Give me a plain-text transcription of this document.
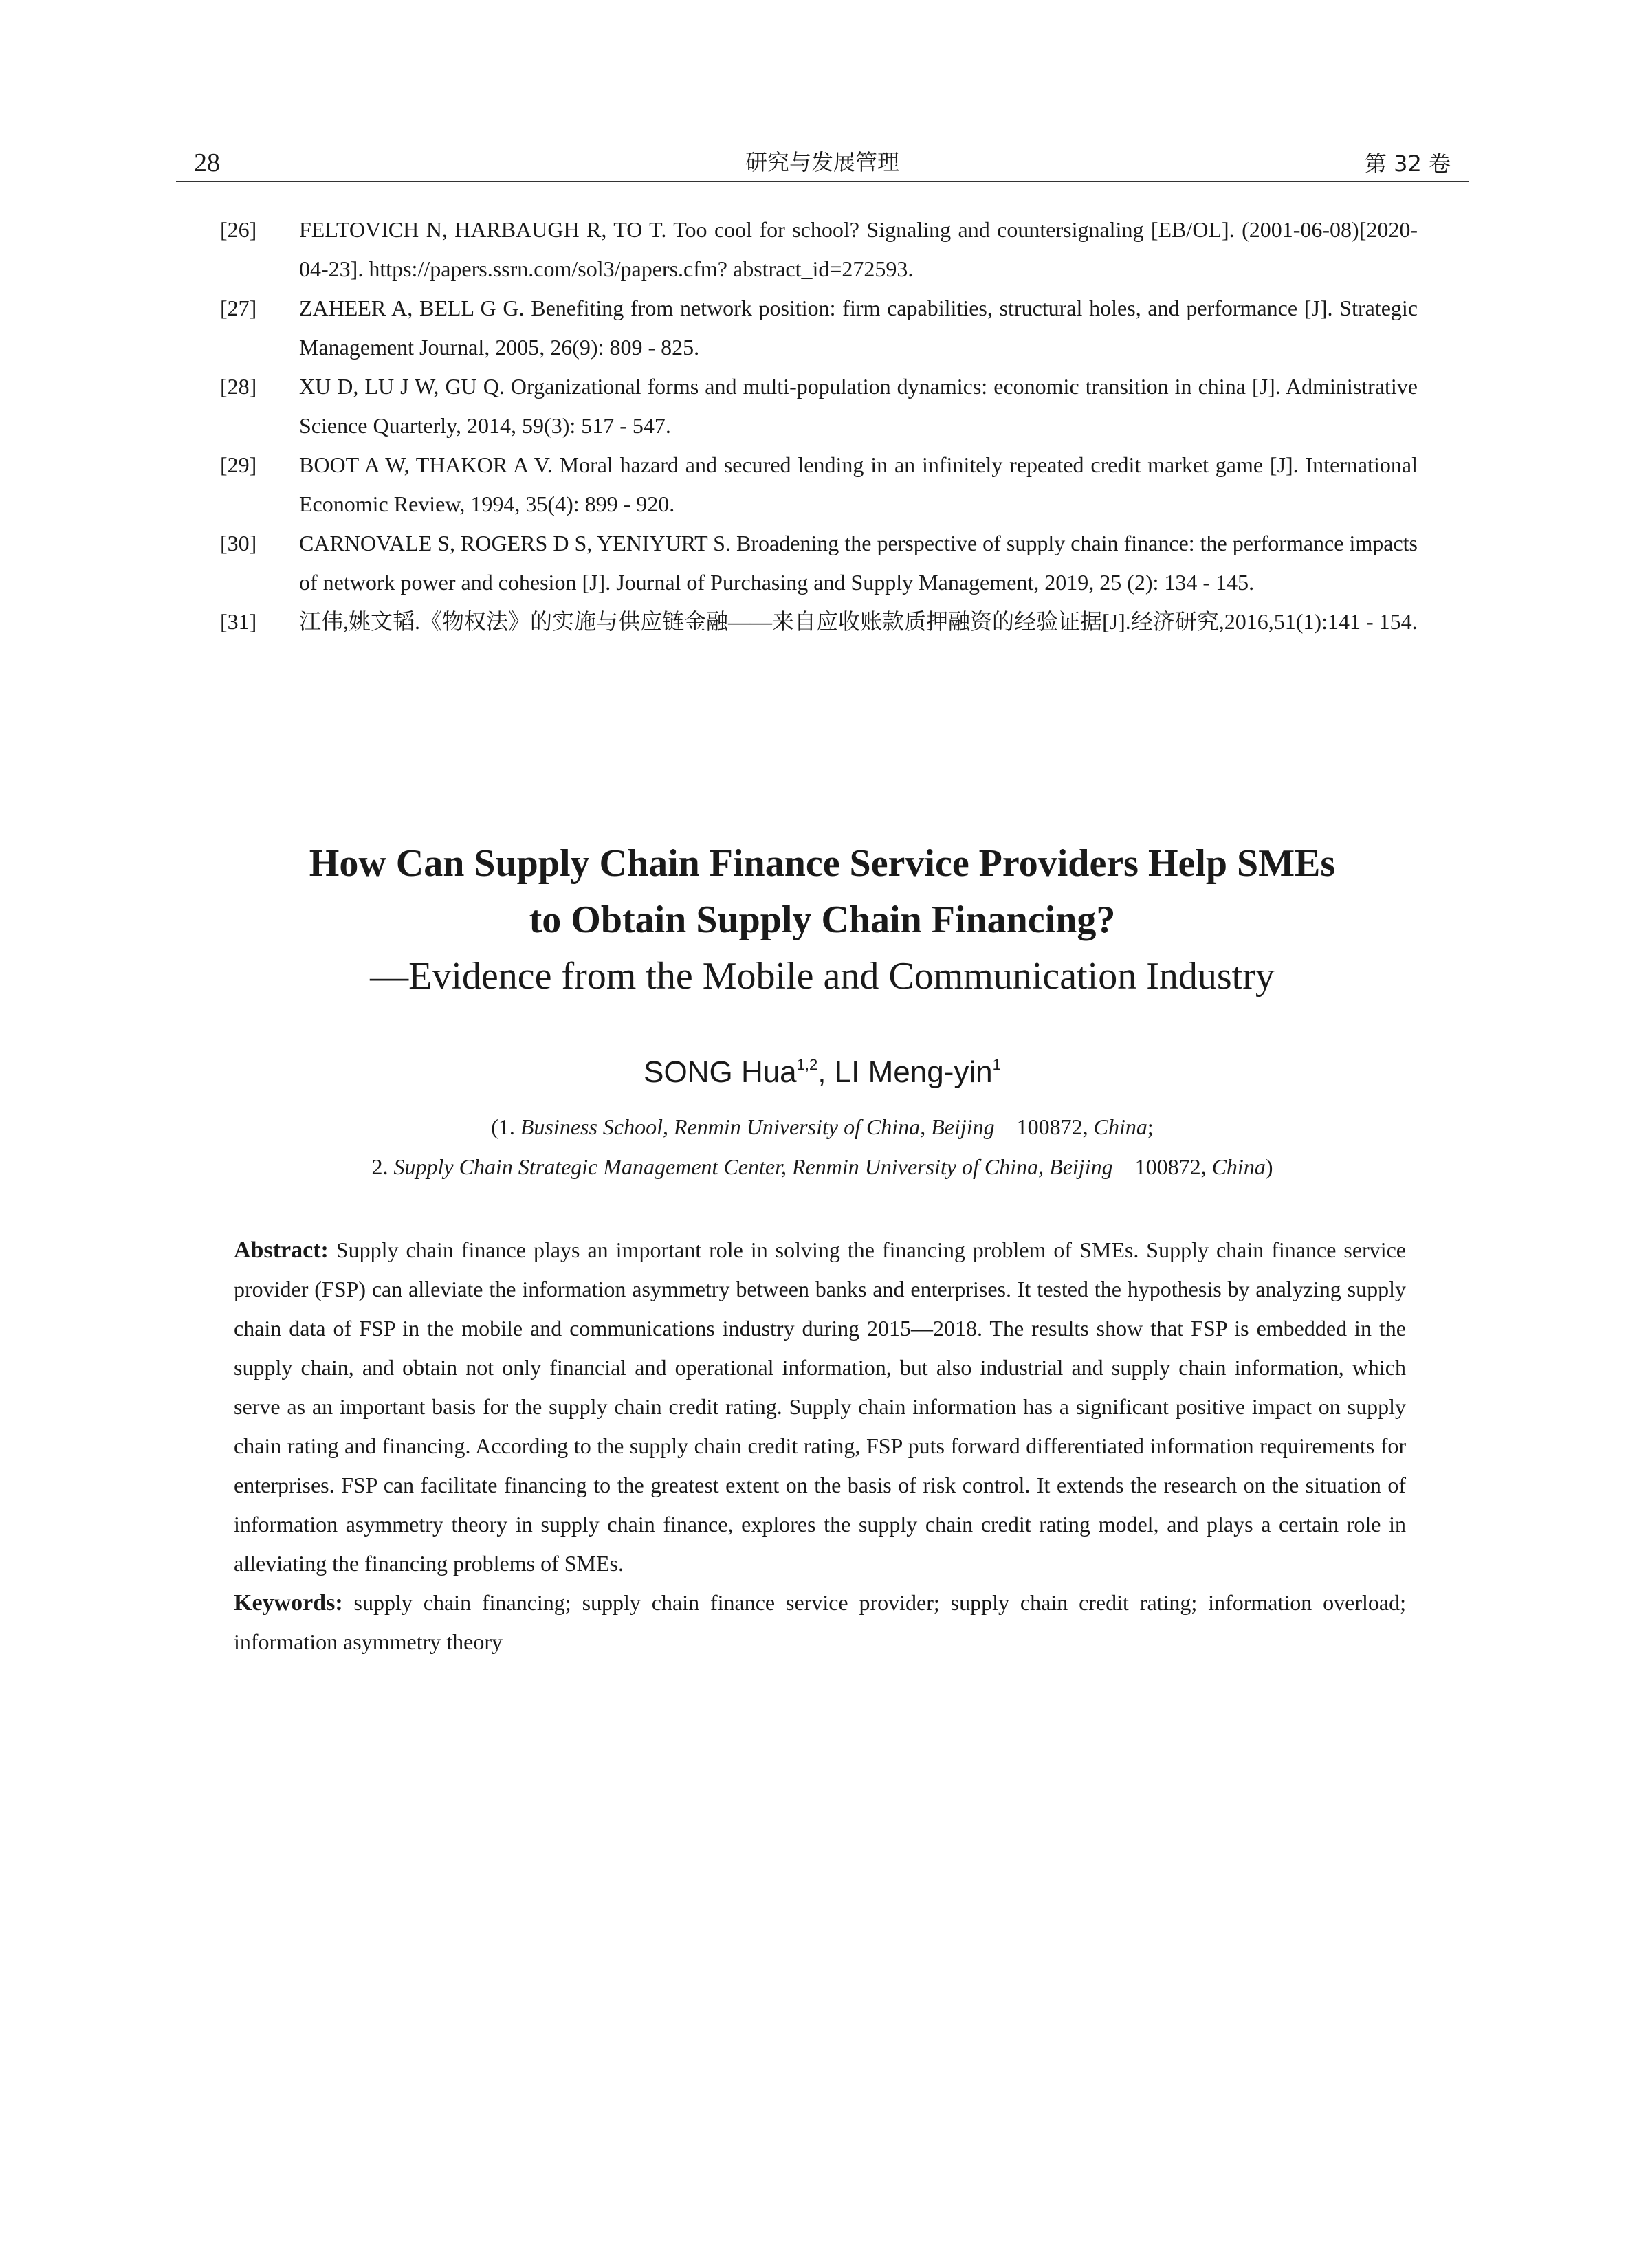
28	研究与发展管理	第 32 卷
[26] FELTOVICH N, HARBAUGH R, TO T. Too cool for school? Signaling and countersignaling [EB/OL]. (2001-06-08)[2020-04-23]. https://papers.ssrn.com/sol3/papers.cfm? abstract_id=272593.
[27] ZAHEER A, BELL G G. Benefiting from network position: firm capabilities, structural holes, and performance [J]. Strategic Management Journal, 2005, 26(9): 809 - 825.
[28] XU D, LU J W, GU Q. Organizational forms and multi-population dynamics: economic transition in china [J]. Administrative Science Quarterly, 2014, 59(3): 517 - 547.
[29] BOOT A W, THAKOR A V. Moral hazard and secured lending in an infinitely repeated credit market game [J]. International Economic Review, 1994, 35(4): 899 - 920.
[30] CARNOVALE S, ROGERS D S, YENIYURT S. Broadening the perspective of supply chain finance: the performance impacts of network power and cohesion [J]. Journal of Purchasing and Supply Management, 2019, 25 (2): 134 - 145.
[31] 江伟,姚文韬.《物权法》的实施与供应链金融——来自应收账款质押融资的经验证据[J].经济研究,2016,51(1):141 - 154.
How Can Supply Chain Finance Service Providers Help SMEs
to Obtain Supply Chain Financing?
—Evidence from the Mobile and Communication Industry
SONG Hua$^{1,2}$, LI Meng-yin$^1$
(1. Business School, Renmin University of China, Beijing 100872, China;
2. Supply Chain Strategic Management Center, Renmin University of China, Beijing 100872, China)
Abstract: Supply chain finance plays an important role in solving the financing problem of SMEs. Supply chain finance service provider (FSP) can alleviate the information asymmetry between banks and enterprises. It tested the hypothesis by analyzing supply chain data of FSP in the mobile and communications industry during 2015—2018. The results show that FSP is embedded in the supply chain, and obtain not only financial and operational information, but also industrial and supply chain information, which serve as an important basis for the supply chain credit rating. Supply chain information has a significant positive impact on supply chain rating and financing. According to the supply chain credit rating, FSP puts forward differentiated information requirements for enterprises. FSP can facilitate financing to the greatest extent on the basis of risk control. It extends the research on the situation of information asymmetry theory in supply chain finance, explores the supply chain credit rating model, and plays a certain role in alleviating the financing problems of SMEs.
Keywords: supply chain financing; supply chain finance service provider; supply chain credit rating; information overload; information asymmetry theory
